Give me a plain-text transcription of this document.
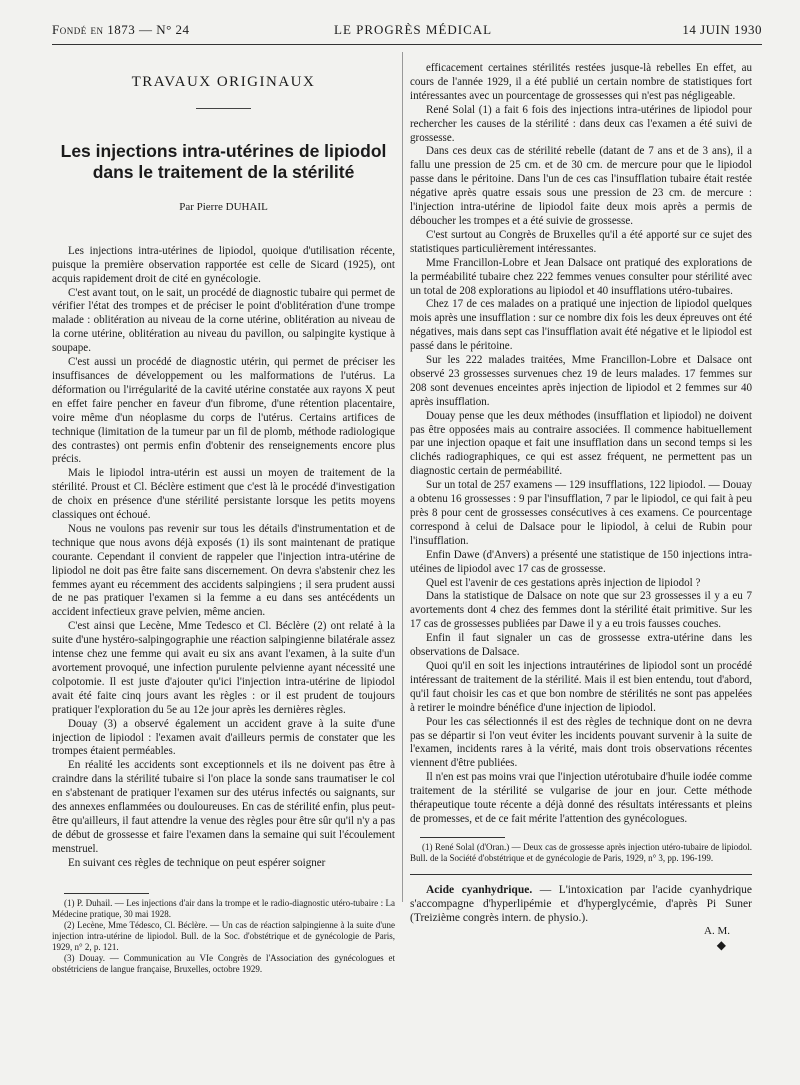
Fondé en 1873 — N° 24	LE PROGRÈS MÉDICAL	14 JUIN 1930
TRAVAUX ORIGINAUX
Les injections intra-utérines de lipiodol dans le traitement de la stérilité
Par Pierre DUHAIL

Les injections intra-utérines de lipiodol, quoique d'utilisation récente, puisque la première observation rapportée est celle de Sicard (1925), ont acquis rapidement droit de cité en gynécologie.

C'est avant tout, on le sait, un procédé de diagnostic tubaire qui permet de vérifier l'état des trompes et de préciser le point d'oblitération d'une trompe malade : oblitération au niveau de la corne utérine, oblitération au niveau de la corne utérine, oblitération au niveau du pavillon, ou salpingite kystique à soupape.

C'est aussi un procédé de diagnostic utérin, qui permet de préciser les insuffisances de développement ou les malformations de l'utérus. La déformation ou l'irrégularité de la cavité utérine constatée aux rayons X peut en effet faire pencher en faveur d'un fibrome, d'une rétention placentaire, voire même d'un néoplasme du corps de l'utérus. Certains artifices de technique (limitation de la tumeur par un fil de plomb, méthode radiologique des contrastes) ont permis enfin d'obtenir des renseignements encore plus précis.

Mais le lipiodol intra-utérin est aussi un moyen de traitement de la stérilité. Proust et Cl. Béclère estiment que c'est là le procédé d'investigation de choix en présence d'une stérilité persistante lorsque les petits moyens classiques ont échoué.

Nous ne voulons pas revenir sur tous les détails d'instrumentation et de technique que nous avons déjà exposés (1) ils sont maintenant de pratique courante. Cependant il convient de rappeler que l'injection intra-utérine de lipiodol ne doit pas être faite sans discernement. On devra s'abstenir chez les femmes ayant eu récemment des accidents salpingiens ; il sera prudent aussi de ne pas pratiquer l'examen si la femme a eu dans ses antécédents un accident infectieux grave pelvien, même ancien.

C'est ainsi que Lecène, Mme Tedesco et Cl. Béclère (2) ont relaté à la suite d'une hystéro-salpingographie une réaction salpingienne bilatérale assez intense chez une femme qui avait eu six ans avant l'examen, à la suite d'un avortement provoqué, une infection purulente pelvienne ayant nécessité une colpotomie. Il est juste d'ajouter qu'ici l'injection intra-utérine de lipiodol avait été faite cinq jours avant les règles : or il est prudent de toujours pratiquer l'exploration du 5e au 12e jour après les dernières règles.

Douay (3) a observé également un accident grave à la suite d'une injection de lipiodol : l'examen avait d'ailleurs permis de constater que les trompes étaient perméables.

En réalité les accidents sont exceptionnels et ils ne doivent pas être à craindre dans la stérilité tubaire si l'on place la sonde sans traumatiser le col en s'abstenant de pratiquer l'examen sur des utérus infectés ou saignants, sur des annexes enflammées ou douloureuses. En cas de stérilité enfin, plus peut-être qu'ailleurs, il faut attendre la venue des règles pour être sûr qu'il n'y a pas de début de grossesse et faire l'examen dans la semaine qui suit l'écoulement menstruel.

En suivant ces règles de technique on peut espérer soigner

(1) P. Duhail. — Les injections d'air dans la trompe et le radio-diagnostic utéro-tubaire : La Médecine pratique, 30 mai 1928.

(2) Lecène, Mme Tédesco, Cl. Béclère. — Un cas de réaction salpingienne à la suite d'une injection intra-utérine de lipiodol. Bull. de la Soc. d'obstétrique et de gynécologie de Paris, 1929, n° 2, p. 121.

(3) Douay. — Communication au VIe Congrès de l'Association des gynécologues et obstétriciens de langue française, Bruxelles, octobre 1929.

efficacement certaines stérilités restées jusque-là rebelles En effet, au cours de l'année 1929, il a été publié un certain nombre de statistiques fort intéressantes avec un pourcentage de grossesses qui n'est pas négligeable.

René Solal (1) a fait 6 fois des injections intra-utérines de lipiodol pour rechercher les causes de la stérilité : dans deux cas l'examen a été suivi de grossesse.

Dans ces deux cas de stérilité rebelle (datant de 7 ans et de 3 ans), il a fallu une pression de 25 cm. et de 30 cm. de mercure pour que le lipiodol passe dans le péritoine. Dans l'un de ces cas l'insufflation tubaire était restée négative après quatre essais sous une pression de 23 cm. de mercure : l'injection intra-utérine de lipiodol faite deux mois après a permis de déboucher les trompes et a été suivie de grossesse.

C'est surtout au Congrès de Bruxelles qu'il a été apporté sur ce sujet des statistiques particulièrement intéressantes.

Mme Francillon-Lobre et Jean Dalsace ont pratiqué des explorations de la perméabilité tubaire chez 222 femmes venues consulter pour stérilité avec un total de 208 explorations au lipiodol et 40 insufflations utéro-tubaires.

Chez 17 de ces malades on a pratiqué une injection de lipiodol quelques mois après une insufflation : sur ce nombre dix fois les deux épreuves ont été négatives, mais dans sept cas l'insufflation avait été négative et le lipiodol est passé dans le péritoine.

Sur les 222 malades traitées, Mme Francillon-Lobre et Dalsace ont observé 23 grossesses survenues chez 19 de leurs malades. 17 femmes sur 208 sont devenues enceintes après injection de lipiodol et 2 femmes sur 40 après insufflation.

Douay pense que les deux méthodes (insufflation et lipiodol) ne doivent pas être opposées mais au contraire associées. Il commence habituellement par une injection opaque et fait une insufflation dans un second temps si les clichés radiographiques, ce qui est assez fréquent, ne permettent pas un diagnostic certain de perméabilité.

Sur un total de 257 examens — 129 insufflations, 122 lipiodol. — Douay a obtenu 16 grossesses : 9 par l'insufflation, 7 par le lipiodol, ce qui fait à peu près 8 pour cent de grossesses consécutives à ces examens. Ce pourcentage correspond à celui de Dalsace pour le lipiodol, à celui de Rubin pour l'insufflation.

Enfin Dawe (d'Anvers) a présenté une statistique de 150 injections intra-utéines de lipiodol avec 17 cas de grossesse.

Quel est l'avenir de ces gestations après injection de lipiodol ?

Dans la statistique de Dalsace on note que sur 23 grossesses il y a eu 7 avortements dont 4 chez des femmes dont la stérilité était primitive. Sur les 17 cas de grossesses publiées par Dawe il y a eu trois fausses couches.

Enfin il faut signaler un cas de grossesse extra-utérine dans les observations de Dalsace.

Quoi qu'il en soit les injections intrautérines de lipiodol sont un procédé intéressant de traitement de la stérilité. Mais il est bien entendu, tout d'abord, qu'il faut choisir les cas et que bon nombre de stérilités ne sont pas appelées à retirer le moindre bénéfice d'une injection de lipiodol.

Pour les cas sélectionnés il est des règles de technique dont on ne devra pas se départir si l'on veut éviter les incidents pouvant survenir à la suite de l'examen, incidents rares à la vérité, mais dont trois observations récentes viennent d'être publiées.

Il n'en est pas moins vrai que l'injection utérotubaire d'huile iodée comme traitement de la stérilité se vulgarise de jour en jour. Cette méthode thérapeutique toute récente a déjà donné des résultats intéressants et pleins de promesses, et de ce fait mérite l'attention des gynécologues.

(1) René Solal (d'Oran.) — Deux cas de grossesse après injection utéro-tubaire de lipiodol. Bull. de la Société d'obstétrique et de gynécologie de Paris, 1929, n° 3, pp. 196-199.

Acide cyanhydrique. — L'intoxication par l'acide cyanhydrique s'accompagne d'hyperlipémie et d'hyperglycémie, d'après Pi Suner (Treizième congrès intern. de physio.).

A. M.
◆
